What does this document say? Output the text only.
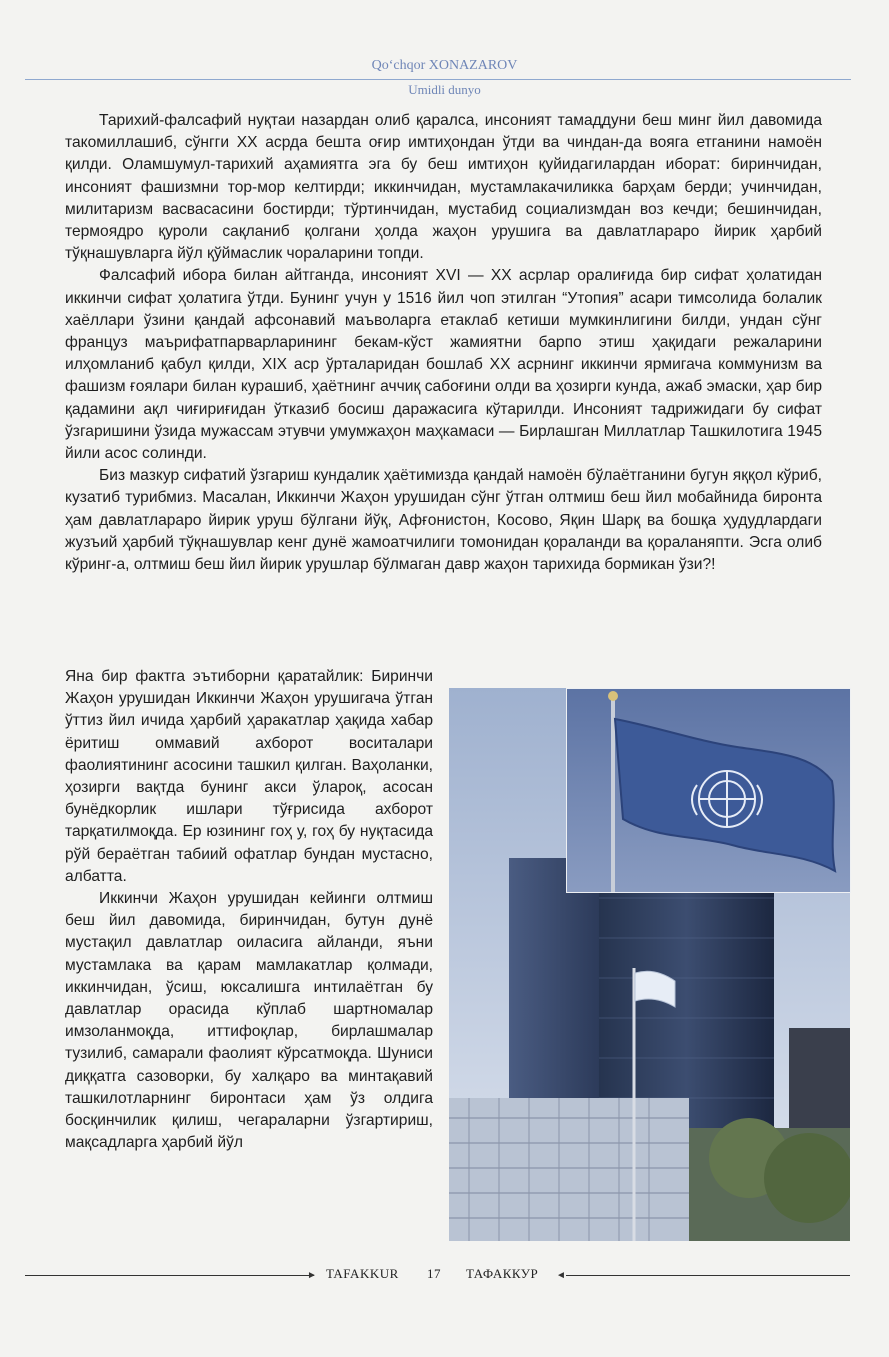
Qo‘chqor XONAZAROV
Umidli dunyo

Тарихий-фалсафий нуқтаи назардан олиб қаралса, инсоният тамаддуни беш минг йил давомида такомиллашиб, сўнгги ХХ асрда бешта оғир имтиҳондан ўтди ва чиндан-да вояга етганини намоён қилди. Оламшумул-тарихий аҳамиятга эга бу беш имтиҳон қуйидагилардан иборат: биринчидан, инсоният фашизмни тор-мор келтирди; иккинчидан, мустамлакачиликка барҳам берди; учинчидан, милитаризм васвасасини бостирди; тўртинчидан, мустабид социализмдан воз кечди; бешинчидан, термоядро қуроли сақланиб қолгани ҳолда жаҳон урушига ва давлатлараро йирик ҳарбий тўқнашувларга йўл қўймаслик чораларини топди.

Фалсафий ибора билан айтганда, инсоният XVI — ХХ асрлар оралиғида бир сифат ҳолатидан иккинчи сифат ҳолатига ўтди. Бунинг учун у 1516 йил чоп этилган “Утопия” асари тимсолида болалик хаёллари ўзини қандай афсонавий маъволарга етаклаб кетиши мумкинлигини билди, ундан сўнг француз маърифатпарварларининг бекам-кўст жамиятни барпо этиш ҳақидаги режаларини илҳомланиб қабул қилди, XIX аср ўрталаридан бошлаб ХХ асрнинг иккинчи ярмигача коммунизм ва фашизм ғоялари билан курашиб, ҳаётнинг аччиқ сабоғини олди ва ҳозирги кунда, ажаб эмаски, ҳар бир қадамини ақл чиғириғидан ўтказиб босиш даражасига кўтарилди. Инсоният тадрижидаги бу сифат ўзгаришини ўзида мужассам этувчи умумжаҳон маҳкамаси — Бирлашган Миллатлар Ташкилотига 1945 йили асос солинди.

Биз мазкур сифатий ўзгариш кундалик ҳаётимизда қандай намоён бўлаётганини бугун яққол кўриб, кузатиб турибмиз. Масалан, Иккинчи Жаҳон урушидан сўнг ўтган олтмиш беш йил мобайнида биронта ҳам давлатлараро йирик уруш бўлгани йўқ, Афғонистон, Косово, Яқин Шарқ ва бошқа ҳудудлардаги жузъий ҳарбий тўқнашувлар кенг дунё жамоатчилиги томонидан қораланди ва қораланяпти. Эсга олиб кўринг-а, олтмиш беш йил йирик урушлар бўлмаган давр жаҳон тарихида бормикан ўзи?!

Яна бир фактга эътиборни қаратайлик: Биринчи Жаҳон урушидан Иккинчи Жаҳон урушигача ўтган ўттиз йил ичида ҳарбий ҳаракатлар ҳақида хабар ёритиш оммавий ахборот воситалари фаолиятининг асосини ташкил қилган. Ваҳоланки, ҳозирги вақтда бунинг акси ўлароқ, асосан бунёдкорлик ишлари тўғрисида ахборот тарқатилмоқда. Ер юзининг гоҳ у, гоҳ бу нуқтасида рўй бераётган табиий офатлар бундан мустасно, албатта.

Иккинчи Жаҳон урушидан кейинги олтмиш беш йил давомида, биринчидан, бутун дунё мустақил давлатлар оиласига айланди, яъни мустамлака ва қарам мамлакатлар қолмади, иккинчидан, ўсиш, юксалишга интилаётган бу давлатлар орасида кўплаб шартномалар имзоланмоқда, иттифоқлар, бирлашмалар тузилиб, самарали фаолият кўрсатмоқда. Шуниси диққатга сазоворки, бу халқаро ва минтақавий ташкилотларнинг биронтаси ҳам ўз олдига босқинчилик қилиш, чегараларни ўзгартириш, мақсадларга ҳарбий йўл

► TAFAKKUR 17 ТАФАККУР ◄
